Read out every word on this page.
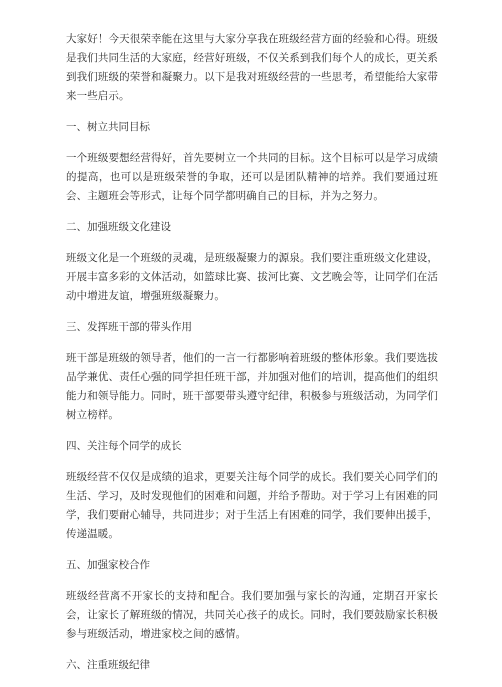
大家好！今天很荣幸能在这里与大家分享我在班级经营方面的经验和心得。班级是我们共同生活的大家庭，经营好班级，不仅关系到我们每个人的成长，更关系到我们班级的荣誉和凝聚力。以下是我对班级经营的一些思考，希望能给大家带来一些启示。

一、树立共同目标

一个班级要想经营得好，首先要树立一个共同的目标。这个目标可以是学习成绩的提高，也可以是班级荣誉的争取，还可以是团队精神的培养。我们要通过班会、主题班会等形式，让每个同学都明确自己的目标，并为之努力。

二、加强班级文化建设

班级文化是一个班级的灵魂，是班级凝聚力的源泉。我们要注重班级文化建设，开展丰富多彩的文体活动，如篮球比赛、拔河比赛、文艺晚会等，让同学们在活动中增进友谊，增强班级凝聚力。

三、发挥班干部的带头作用

班干部是班级的领导者，他们的一言一行都影响着班级的整体形象。我们要选拔品学兼优、责任心强的同学担任班干部，并加强对他们的培训，提高他们的组织能力和领导能力。同时，班干部要带头遵守纪律，积极参与班级活动，为同学们树立榜样。

四、关注每个同学的成长

班级经营不仅仅是成绩的追求，更要关注每个同学的成长。我们要关心同学们的生活、学习，及时发现他们的困难和问题，并给予帮助。对于学习上有困难的同学，我们要耐心辅导，共同进步；对于生活上有困难的同学，我们要伸出援手，传递温暖。

五、加强家校合作

班级经营离不开家长的支持和配合。我们要加强与家长的沟通，定期召开家长会，让家长了解班级的情况，共同关心孩子的成长。同时，我们要鼓励家长积极参与班级活动，增进家校之间的感情。

六、注重班级纪律
